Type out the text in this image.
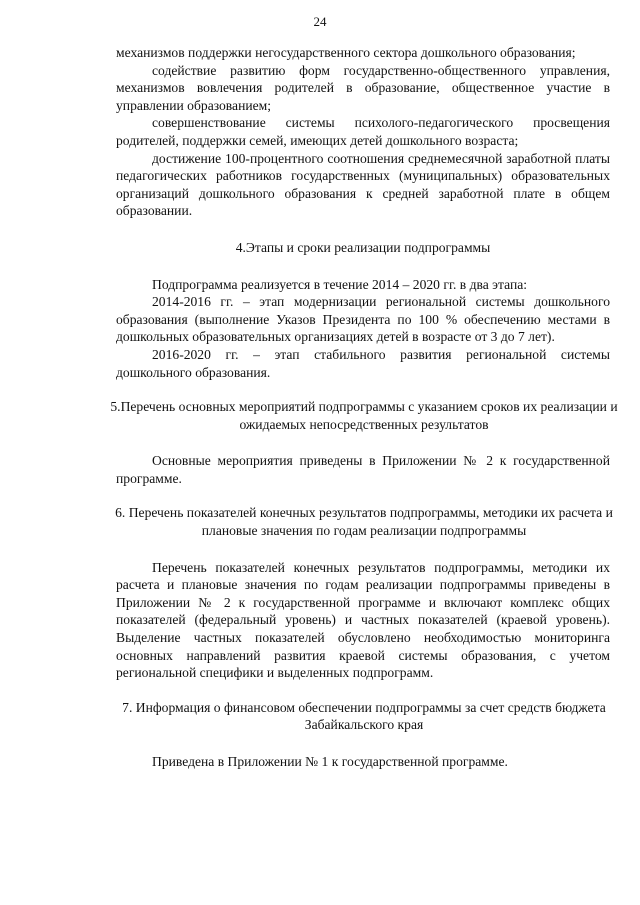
24

механизмов поддержки негосударственного сектора дошкольного образования;

содействие развитию форм государственно-общественного управления, механизмов вовлечения родителей в образование, общественное участие в управлении образованием;

совершенствование системы психолого-педагогического просвещения родителей, поддержки семей, имеющих детей дошкольного возраста;

достижение 100-процентного соотношения среднемесячной заработной платы педагогических работников государственных (муниципальных) образовательных организаций дошкольного образования к средней заработной плате в общем образовании.

4.Этапы и сроки реализации подпрограммы

Подпрограмма реализуется в течение 2014 – 2020 гг. в два этапа:

2014-2016 гг. – этап модернизации региональной системы дошкольного образования (выполнение Указов Президента по 100 % обеспечению местами в дошкольных образовательных организациях детей в возрасте от 3 до 7 лет).

2016-2020 гг. – этап стабильного развития региональной системы дошкольного образования.

5.Перечень основных мероприятий подпрограммы с указанием сроков их реализации и ожидаемых непосредственных результатов

Основные мероприятия приведены в Приложении № 2 к государственной программе.

6. Перечень показателей конечных результатов подпрограммы, методики их расчета и плановые значения по годам реализации подпрограммы

Перечень показателей конечных результатов подпрограммы, методики их расчета и плановые значения по годам реализации подпрограммы приведены в Приложении № 2 к государственной программе и включают комплекс общих показателей (федеральный уровень) и частных показателей (краевой уровень). Выделение частных показателей обусловлено необходимостью мониторинга основных направлений развития краевой системы образования, с учетом региональной специфики и выделенных подпрограмм.

7. Информация о финансовом обеспечении подпрограммы за счет средств бюджета Забайкальского края

Приведена в Приложении № 1 к государственной программе.
